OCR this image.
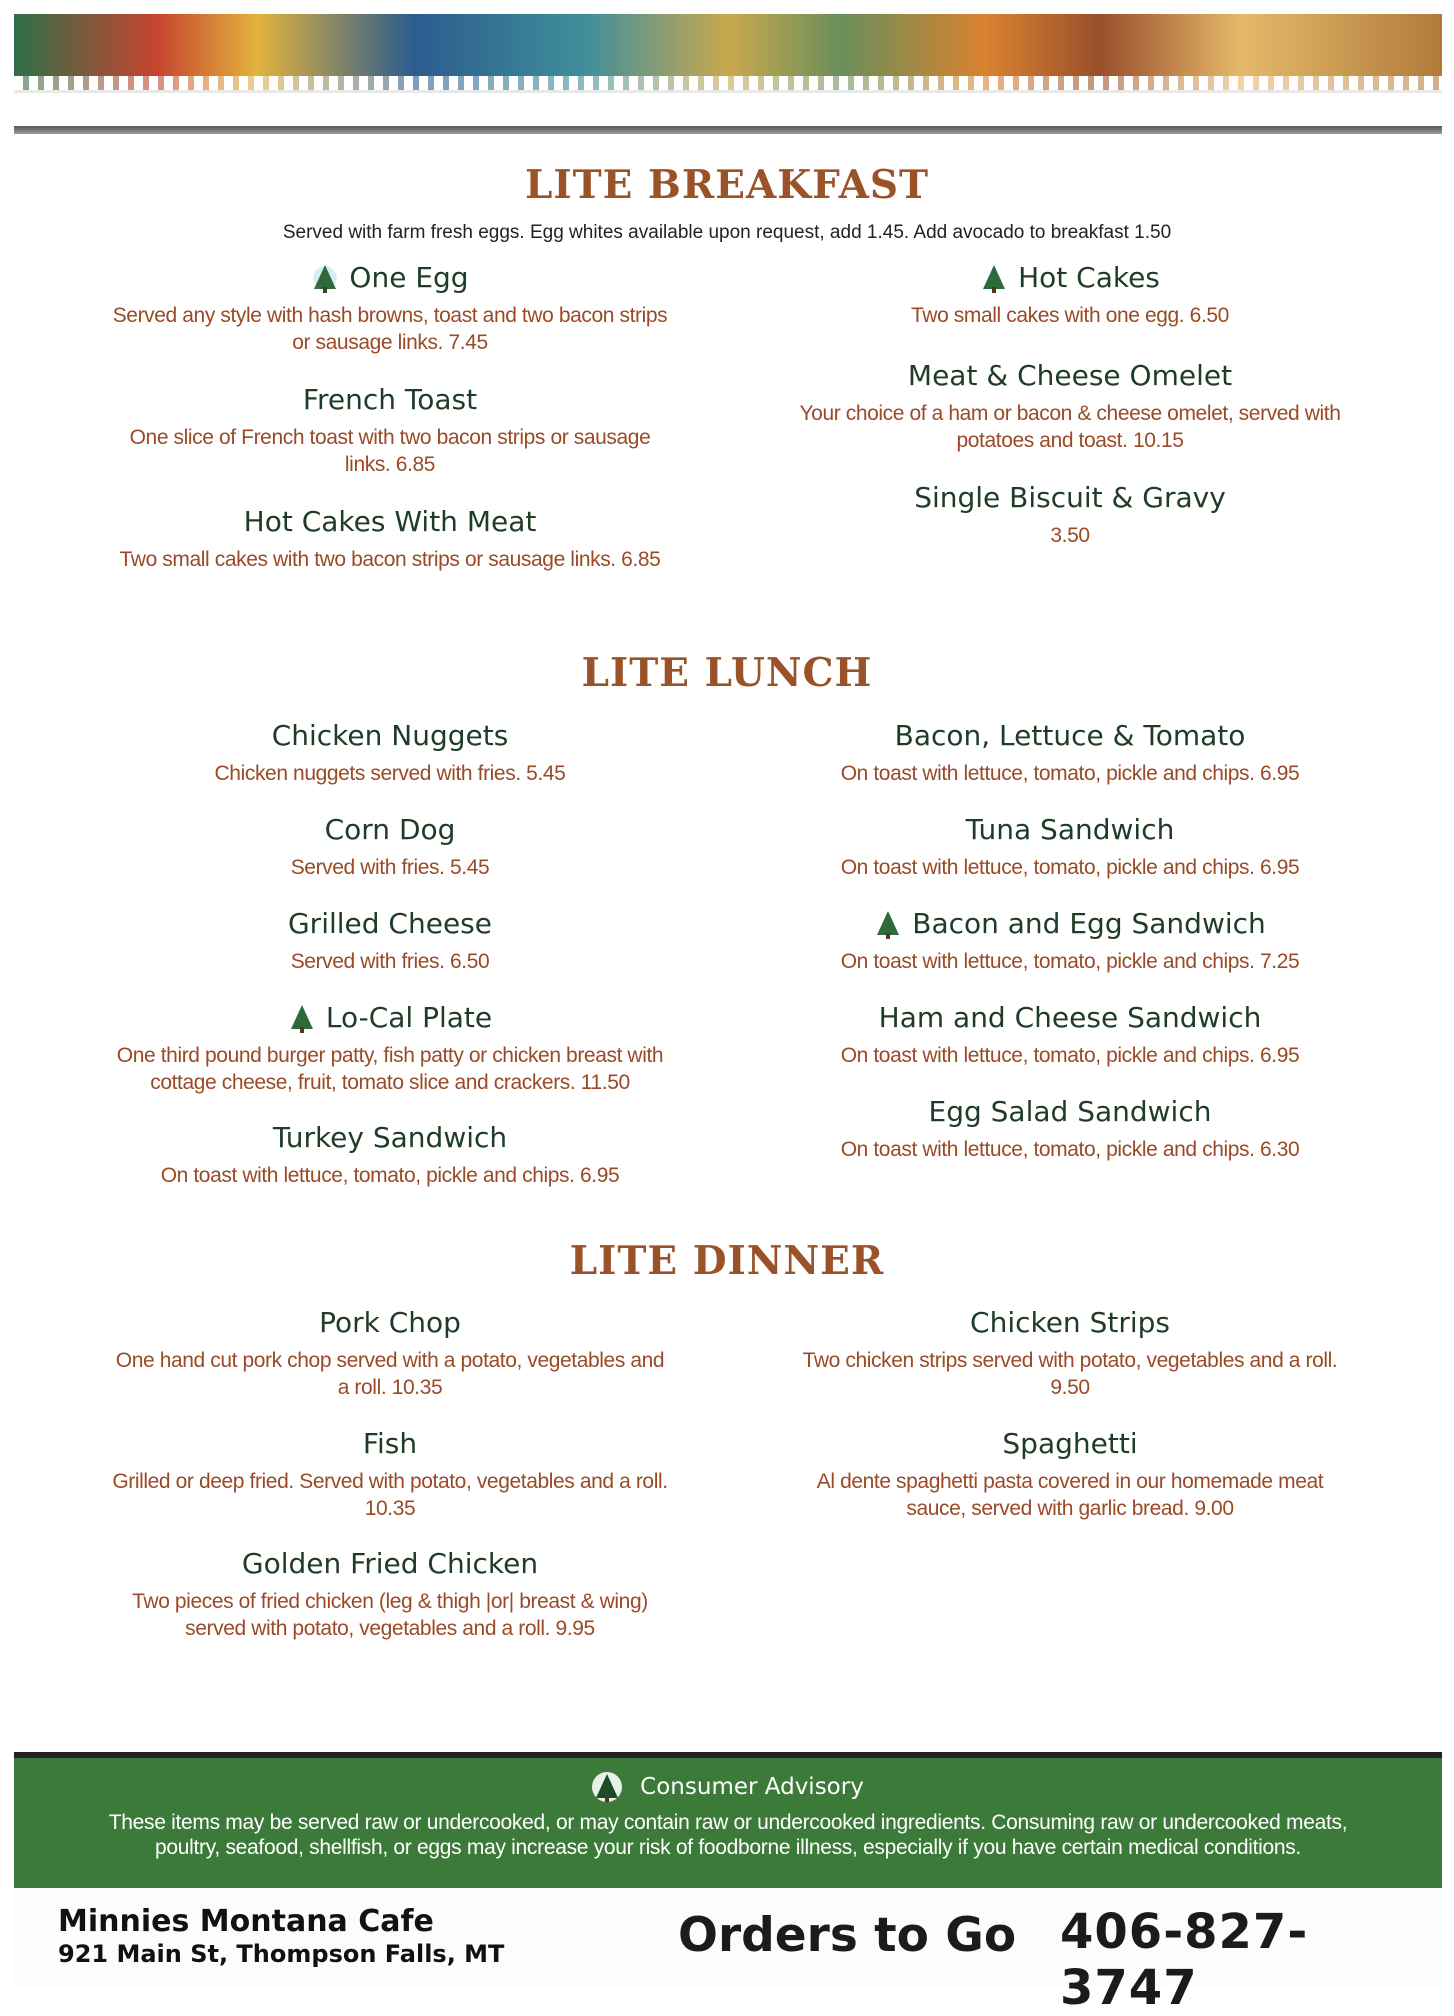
LITE BREAKFAST
Served with farm fresh eggs. Egg whites available upon request, add 1.45. Add avocado to breakfast 1.50
One Egg
Served any style with hash browns, toast and two bacon strips or sausage links. 7.45
French Toast
One slice of French toast with two bacon strips or sausage links. 6.85
Hot Cakes With Meat
Two small cakes with two bacon strips or sausage links. 6.85
Hot Cakes
Two small cakes with one egg. 6.50
Meat & Cheese Omelet
Your choice of a ham or bacon & cheese omelet, served with potatoes and toast. 10.15
Single Biscuit & Gravy
3.50
LITE LUNCH
Chicken Nuggets
Chicken nuggets served with fries. 5.45
Corn Dog
Served with fries. 5.45
Grilled Cheese
Served with fries. 6.50
Lo-Cal Plate
One third pound burger patty, fish patty or chicken breast with cottage cheese, fruit, tomato slice and crackers. 11.50
Turkey Sandwich
On toast with lettuce, tomato, pickle and chips. 6.95
Bacon, Lettuce & Tomato
On toast with lettuce, tomato, pickle and chips. 6.95
Tuna Sandwich
On toast with lettuce, tomato, pickle and chips. 6.95
Bacon and Egg Sandwich
On toast with lettuce, tomato, pickle and chips. 7.25
Ham and Cheese Sandwich
On toast with lettuce, tomato, pickle and chips. 6.95
Egg Salad Sandwich
On toast with lettuce, tomato, pickle and chips. 6.30
LITE DINNER
Pork Chop
One hand cut pork chop served with a potato, vegetables and a roll. 10.35
Fish
Grilled or deep fried. Served with potato, vegetables and a roll. 10.35
Golden Fried Chicken
Two pieces of fried chicken (leg & thigh |or| breast & wing) served with potato, vegetables and a roll. 9.95
Chicken Strips
Two chicken strips served with potato, vegetables and a roll. 9.50
Spaghetti
Al dente spaghetti pasta covered in our homemade meat sauce, served with garlic bread. 9.00
Consumer Advisory
These items may be served raw or undercooked, or may contain raw or undercooked ingredients. Consuming raw or undercooked meats, poultry, seafood, shellfish, or eggs may increase your risk of foodborne illness, especially if you have certain medical conditions.
Minnies Montana Cafe
921 Main St, Thompson Falls, MT	Orders to Go 406-827-3747
